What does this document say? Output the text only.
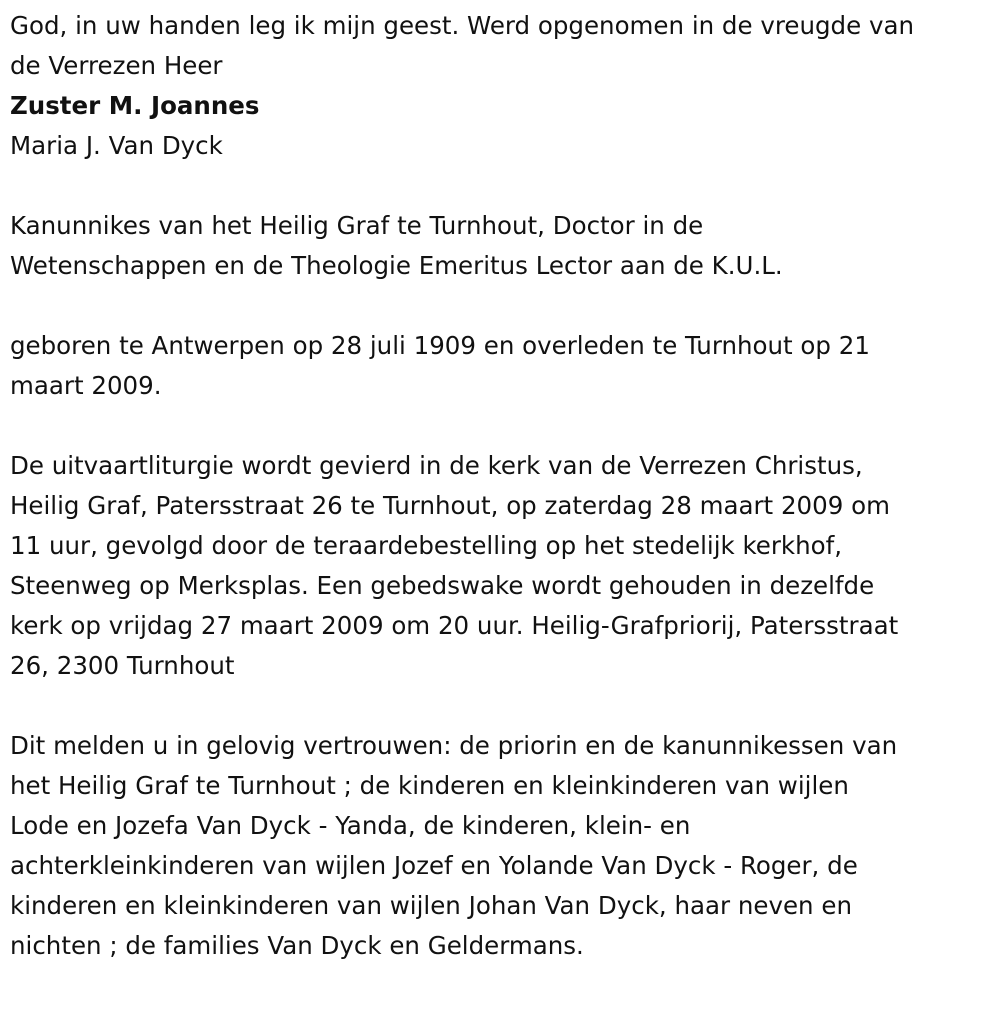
God, in uw handen leg ik mijn geest. Werd opgenomen in de vreugde van
de Verrezen Heer

Zuster M. Joannes

Maria J. Van Dyck

Kanunnikes van het Heilig Graf te Turnhout, Doctor in de
Wetenschappen en de Theologie Emeritus Lector aan de K.U.L.

geboren te Antwerpen op 28 juli 1909 en overleden te Turnhout op 21
maart 2009.

De uitvaartliturgie wordt gevierd in de kerk van de Verrezen Christus,
Heilig Graf, Patersstraat 26 te Turnhout, op zaterdag 28 maart 2009 om
11 uur, gevolgd door de teraardebestelling op het stedelijk kerkhof,
Steenweg op Merksplas. Een gebedswake wordt gehouden in dezelfde
kerk op vrijdag 27 maart 2009 om 20 uur. Heilig-Grafpriorij, Patersstraat
26, 2300 Turnhout

Dit melden u in gelovig vertrouwen: de priorin en de kanunnikessen van
het Heilig Graf te Turnhout ; de kinderen en kleinkinderen van wijlen
Lode en Jozefa Van Dyck - Yanda, de kinderen, klein- en
achterkleinkinderen van wijlen Jozef en Yolande Van Dyck - Roger, de
kinderen en kleinkinderen van wijlen Johan Van Dyck, haar neven en
nichten ; de families Van Dyck en Geldermans.
